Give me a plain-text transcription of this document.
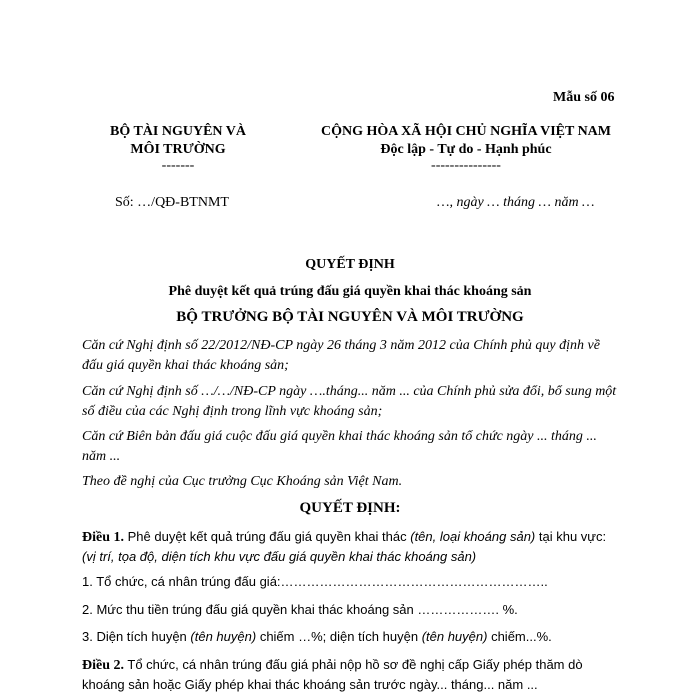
Mẫu số 06
BỘ TÀI NGUYÊN VÀ
MÔI TRƯỜNG
-------
CỘNG HÒA XÃ HỘI CHỦ NGHĨA VIỆT NAM
Độc lập - Tự do - Hạnh phúc
---------------
Số: …/QĐ-BTNMT	…, ngày … tháng … năm …
QUYẾT ĐỊNH
Phê duyệt kết quả trúng đấu giá quyền khai thác khoáng sản
BỘ TRƯỞNG BỘ TÀI NGUYÊN VÀ MÔI TRƯỜNG
Căn cứ Nghị định số 22/2012/NĐ-CP ngày 26 tháng 3 năm 2012 của Chính phủ quy định về đấu giá quyền khai thác khoáng sản;
Căn cứ Nghị định số …/…/NĐ-CP ngày ….tháng... năm ... của Chính phủ sửa đổi, bổ sung một số điều của các Nghị định trong lĩnh vực khoáng sản;
Căn cứ Biên bản đấu giá cuộc đấu giá quyền khai thác khoáng sản tổ chức ngày ... tháng ... năm ...
Theo đề nghị của Cục trưởng Cục Khoáng sản Việt Nam.
QUYẾT ĐỊNH:
Điều 1. Phê duyệt kết quả trúng đấu giá quyền khai thác (tên, loại khoáng sản) tại khu vực: (vị trí, tọa độ, diện tích khu vực đấu giá quyền khai thác khoáng sản)
1. Tổ chức, cá nhân trúng đấu giá:……………………………………………………..
2. Mức thu tiền trúng đấu giá quyền khai thác khoáng sản ………………. %.
3. Diện tích huyện (tên huyện) chiếm …%; diện tích huyện (tên huyện) chiếm...%.
Điều 2. Tổ chức, cá nhân trúng đấu giá phải nộp hồ sơ đề nghị cấp Giấy phép thăm dò khoáng sản hoặc Giấy phép khai thác khoáng sản trước ngày... tháng... năm ...
